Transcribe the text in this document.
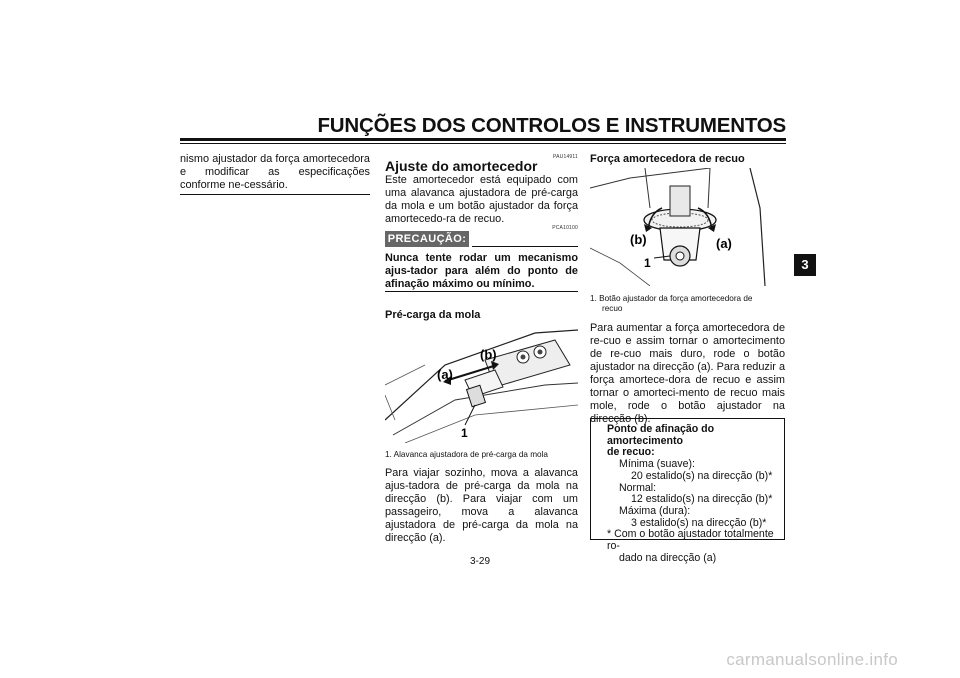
FUNÇÕES DOS CONTROLOS E INSTRUMENTOS
3

nismo ajustador da força amortecedora e modificar as especificações conforme ne-cessário.

PAU14911

Ajuste do amortecedor

Este amortecedor está equipado com uma alavanca ajustadora de pré-carga da mola e um botão ajustador da força amortecedo-ra de recuo.

PCA10100
PRECAUÇÃO:
Nunca tente rodar um mecanismo ajus-tador para além do ponto de afinação máximo ou mínimo.

Pré-carga da mola

(a)
(b)
1

1. Alavanca ajustadora de pré-carga da mola

Para viajar sozinho, mova a alavanca ajus-tadora de pré-carga da mola na direcção (b). Para viajar com um passageiro, mova a alavanca ajustadora de pré-carga da mola na direcção (a).

Força amortecedora de recuo

(b)	(a)
1

1. Botão ajustador da força amortecedora de

recuo

Para aumentar a força amortecedora de re-cuo e assim tornar o amortecimento de re-cuo mais duro, rode o botão ajustador na direcção (a). Para reduzir a força amortece-dora de recuo e assim tornar o amorteci-mento de recuo mais mole, rode o botão ajustador na direcção (b).

Ponto de afinação do amortecimento
de recuo:
Mínima (suave):
20 estalido(s) na direcção (b)*
Normal:
12 estalido(s) na direcção (b)*
Máxima (dura):
3 estalido(s) na direcção (b)*
* Com o botão ajustador totalmente ro-
dado na direcção (a)
3-29
carmanualsonline.info
